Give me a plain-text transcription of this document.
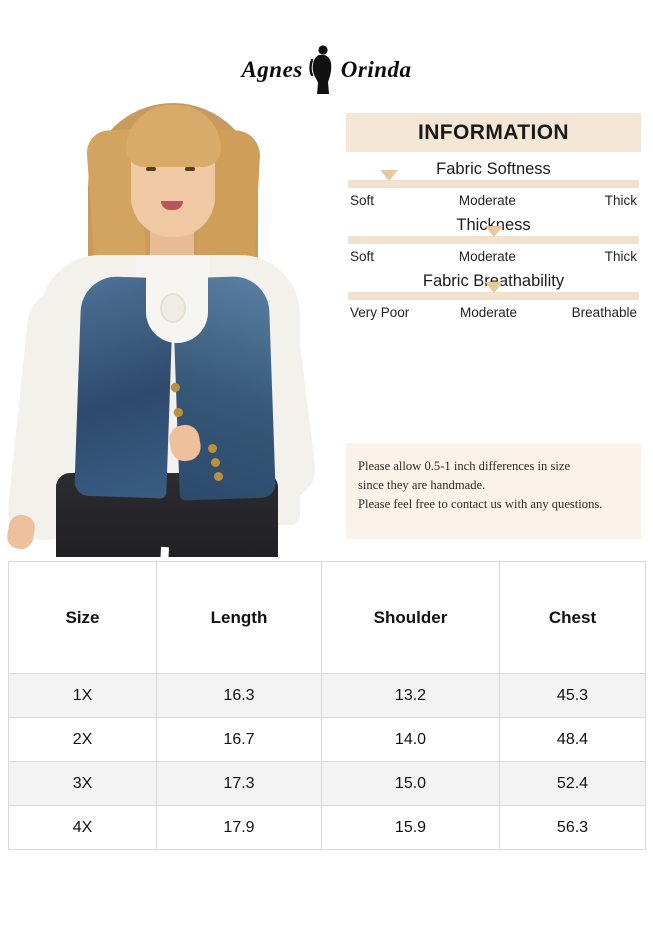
Agnes Orinda
INFORMATION
Fabric Softness
Soft	Moderate	Thick
Thickness
Soft	Moderate	Thick
Fabric Breathability
Very Poor	Moderate	Breathable

Please allow 0.5-1 inch differences in size

since they are handmade.

Please feel free to contact us with any questions.

Size	Length	Shoulder	Chest
1X	16.3	13.2	45.3
2X	16.7	14.0	48.4
3X	17.3	15.0	52.4
4X	17.9	15.9	56.3
